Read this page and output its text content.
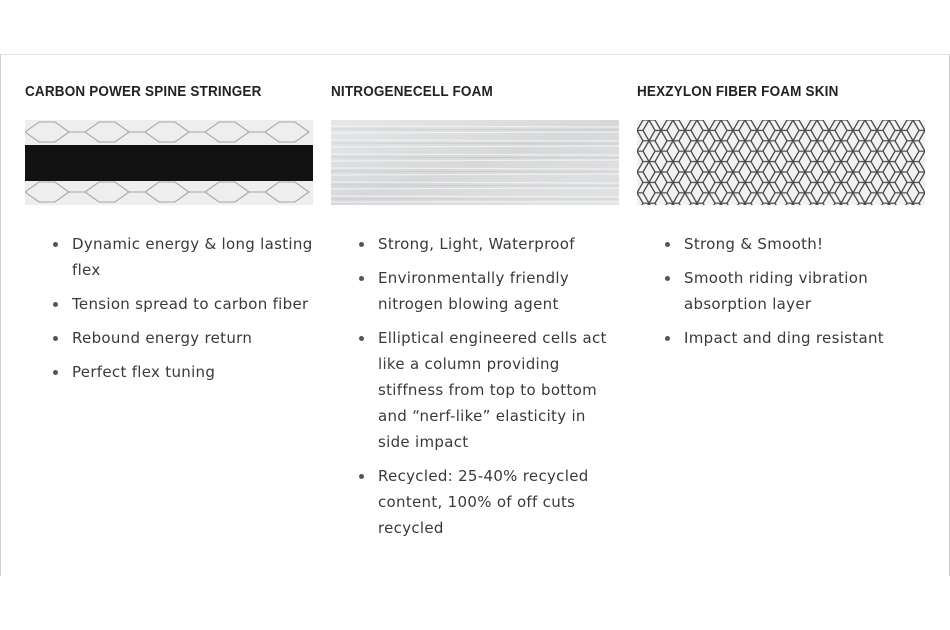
CARBON POWER SPINE STRINGER
Dynamic energy & long lasting flex
Tension spread to carbon fiber
Rebound energy return
Perfect flex tuning
NITROGENECELL FOAM
Strong, Light, Waterproof
Environmentally friendly nitrogen blowing agent
Elliptical engineered cells act like a column providing stiffness from top to bottom and “nerf-like” elasticity in side impact
Recycled: 25-40% recycled content, 100% of off cuts recycled
HEXZYLON FIBER FOAM SKIN
Strong & Smooth!
Smooth riding vibration absorption layer
Impact and ding resistant
